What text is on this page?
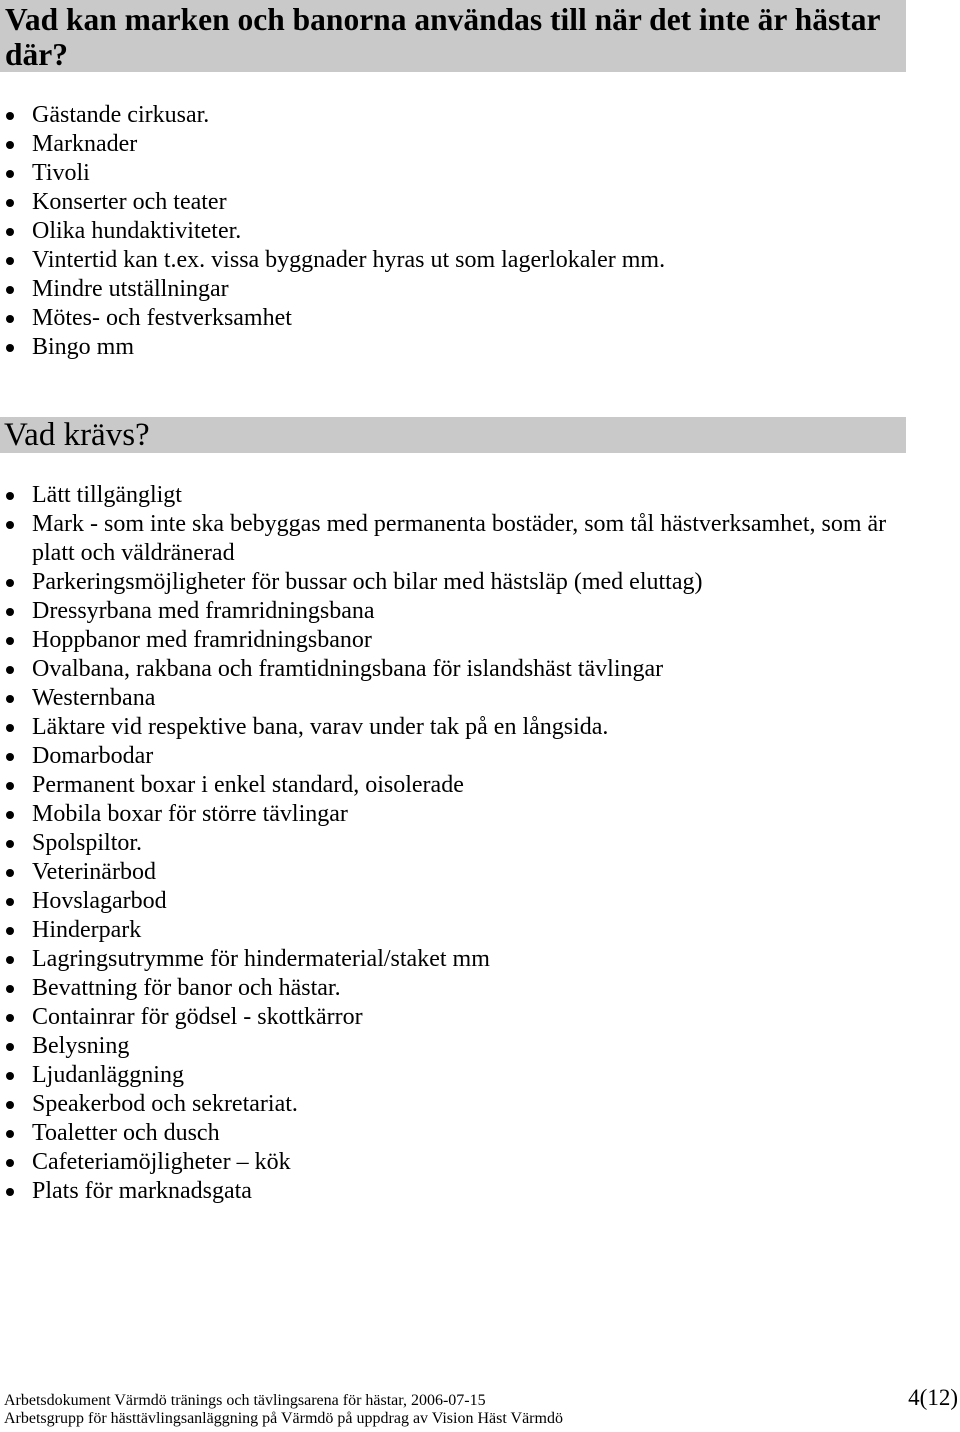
Vad kan marken och banorna användas till när det inte är hästar där?
Gästande cirkusar.
Marknader
Tivoli
Konserter och teater
Olika hundaktiviteter.
Vintertid kan t.ex. vissa byggnader hyras ut som lagerlokaler mm.
Mindre utställningar
Mötes- och festverksamhet
Bingo mm
Vad krävs?
Lätt tillgängligt
Mark - som inte ska bebyggas med permanenta bostäder, som tål hästverksamhet, som är platt och väldränerad
Parkeringsmöjligheter för bussar och bilar med hästsläp (med eluttag)
Dressyrbana med framridningsbana
Hoppbanor med framridningsbanor
Ovalbana, rakbana och framtidningsbana för islandshäst tävlingar
Westernbana
Läktare vid respektive bana, varav under tak på en långsida.
Domarbodar
Permanent boxar i enkel standard, oisolerade
Mobila boxar för större tävlingar
Spolspiltor.
Veterinärbod
Hovslagarbod
Hinderpark
Lagringsutrymme för hindermaterial/staket mm
Bevattning för banor och hästar.
Containrar för gödsel - skottkärror
Belysning
Ljudanläggning
Speakerbod och sekretariat.
Toaletter och dusch
Cafeteriamöjligheter – kök
Plats för marknadsgata
Arbetsdokument Värmdö tränings och tävlingsarena för hästar, 2006-07-15
Arbetsgrupp för hästtävlingsanläggning på Värmdö på uppdrag av Vision Häst Värmdö
4(12)
